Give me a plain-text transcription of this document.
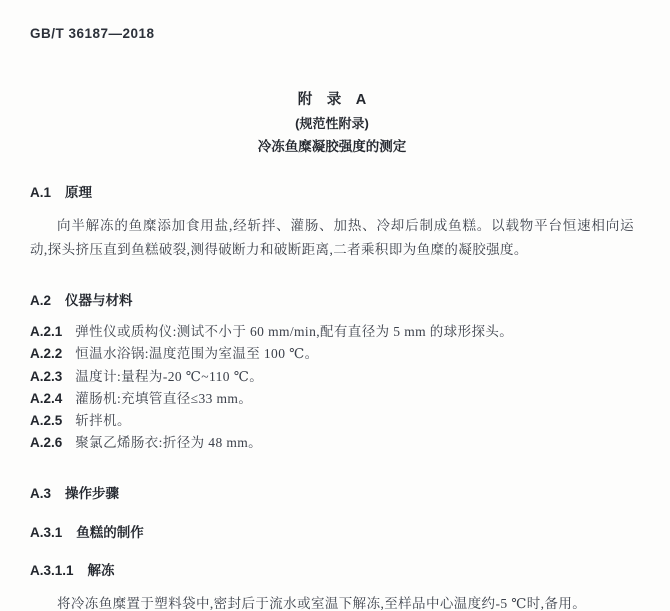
GB/T 36187—2018
附　录　A
(规范性附录)
冷冻鱼糜凝胶强度的测定
A.1 原理

向半解冻的鱼糜添加食用盐,经斩拌、灌肠、加热、冷却后制成鱼糕。以载物平台恒速相向运动,探头挤压直到鱼糕破裂,测得破断力和破断距离,二者乘积即为鱼糜的凝胶强度。

A.2 仪器与材料
A.2.1 弹性仪或质构仪:测试不小于 60 mm/min,配有直径为 5 mm 的球形探头。
A.2.2 恒温水浴锅:温度范围为室温至 100 ℃。
A.2.3 温度计:量程为-20 ℃~110 ℃。
A.2.4 灌肠机:充填管直径≤33 mm。
A.2.5 斩拌机。
A.2.6 聚氯乙烯肠衣:折径为 48 mm。
A.3 操作步骤
A.3.1 鱼糕的制作
A.3.1.1 解冻

将冷冻鱼糜置于塑料袋中,密封后于流水或室温下解冻,至样品中心温度约-5 ℃时,备用。
